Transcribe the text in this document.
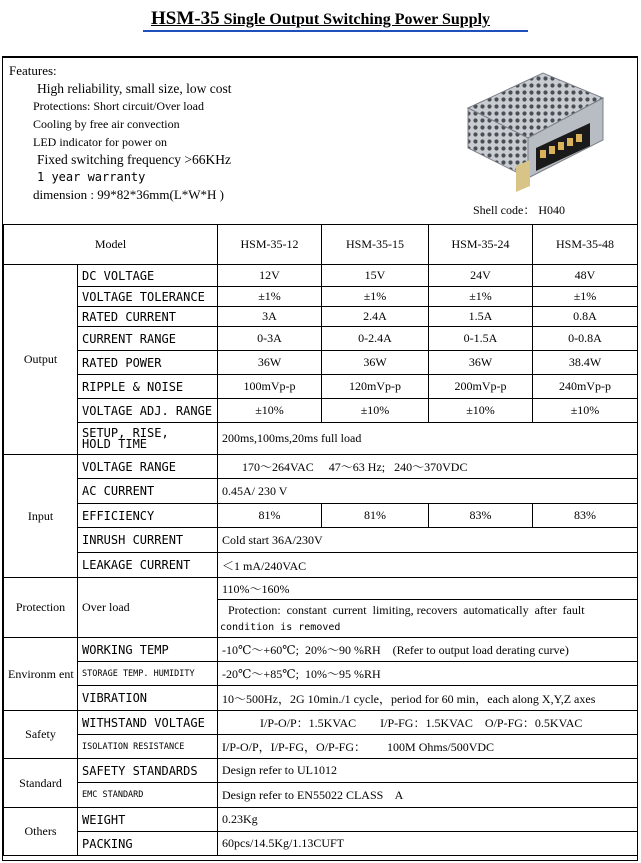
HSM-35 Single Output Switching Power Supply
Features:
High reliability, small size, low cost
Protections: Short circuit/Over load
Cooling by free air convection
LED indicator for power on
Fixed switching frequency >66KHz
1 year warranty
dimension : 99*82*36mm(L*W*H )
Shell code： H040
Model		HSM-35-12	HSM-35-15	HSM-35-24	HSM-35-48
Output	DC VOLTAGE	12V	15V	24V	48V
	VOLTAGE TOLERANCE	±1%	±1%	±1%	±1%
	RATED CURRENT	3A	2.4A	1.5A	0.8A
	CURRENT RANGE	0-3A	0-2.4A	0-1.5A	0-0.8A
	RATED POWER	36W	36W	36W	38.4W
	RIPPLE & NOISE	100mVp-p	120mVp-p	200mVp-p	240mVp-p
	VOLTAGE ADJ. RANGE	±10%	±10%	±10%	±10%

	SETUP, RISE,
HOLD TIME	200ms,100ms,20ms full load			
Input	VOLTAGE RANGE	170～264VAC     47～63 Hz;   240～370VDC			
	AC CURRENT	0.45A/ 230 V			
	EFFICIENCY	81%	81%	83%	83%
	INRUSH CURRENT	Cold start 36A/230V			
	LEAKAGE CURRENT	＜1 mA/240VAC			
Protection	Over load	110%～160%			

		Protection:  constant  current  limiting, recovers  automatically  after  fault
condition is removed			

Environm ent	WORKING TEMP	-10℃～+60℃;  20%～90 %RH    (Refer to output load derating curve)			
	STORAGE TEMP. HUMIDITY	-20℃～+85℃;  10%～95 %RH			
	VIBRATION	10～500Hz，2G 10min./1 cycle，period for 60 min，each along X,Y,Z axes			
Safety	WITHSTAND VOLTAGE	I/P-O/P：1.5KVAC        I/P-FG：1.5KVAC    O/P-FG：0.5KVAC			
	ISOLATION RESISTANCE	I/P-O/P，I/P-FG，O/P-FG：       100M Ohms/500VDC			
Standard	SAFETY STANDARDS	Design refer to UL1012			
	EMC STANDARD	Design refer to EN55022 CLASS    A			
Others	WEIGHT	0.23Kg			
	PACKING	60pcs/14.5Kg/1.13CUFT			
